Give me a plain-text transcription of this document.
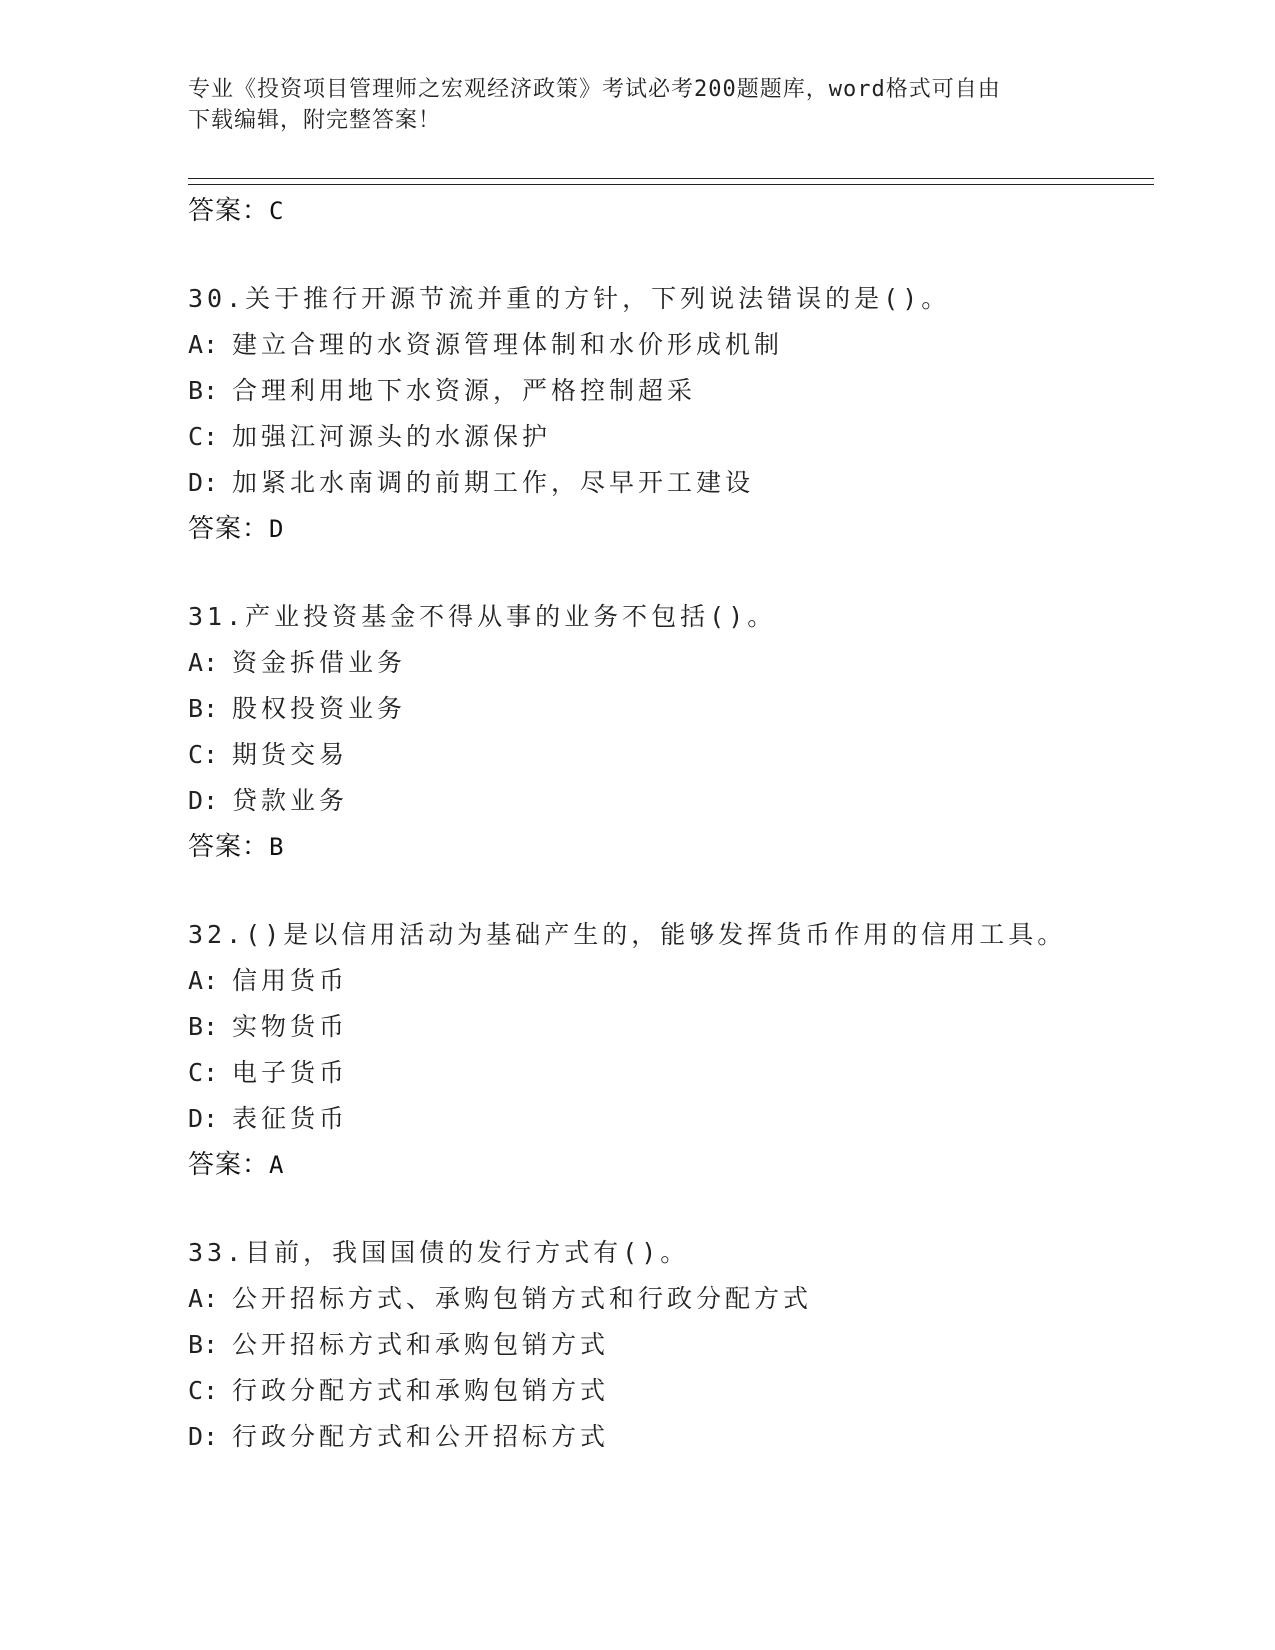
专业《投资项目管理师之宏观经济政策》考试必考200题题库，word格式可自由
下载编辑，附完整答案！
答案：C
30.关于推行开源节流并重的方针，下列说法错误的是()。
A: 建立合理的水资源管理体制和水价形成机制
B: 合理利用地下水资源，严格控制超采
C: 加强江河源头的水源保护
D: 加紧北水南调的前期工作，尽早开工建设
答案：D
31.产业投资基金不得从事的业务不包括()。
A: 资金拆借业务
B: 股权投资业务
C: 期货交易
D: 贷款业务
答案：B
32.()是以信用活动为基础产生的，能够发挥货币作用的信用工具。
A: 信用货币
B: 实物货币
C: 电子货币
D: 表征货币
答案：A
33.目前，我国国债的发行方式有()。
A: 公开招标方式、承购包销方式和行政分配方式
B: 公开招标方式和承购包销方式
C: 行政分配方式和承购包销方式
D: 行政分配方式和公开招标方式
